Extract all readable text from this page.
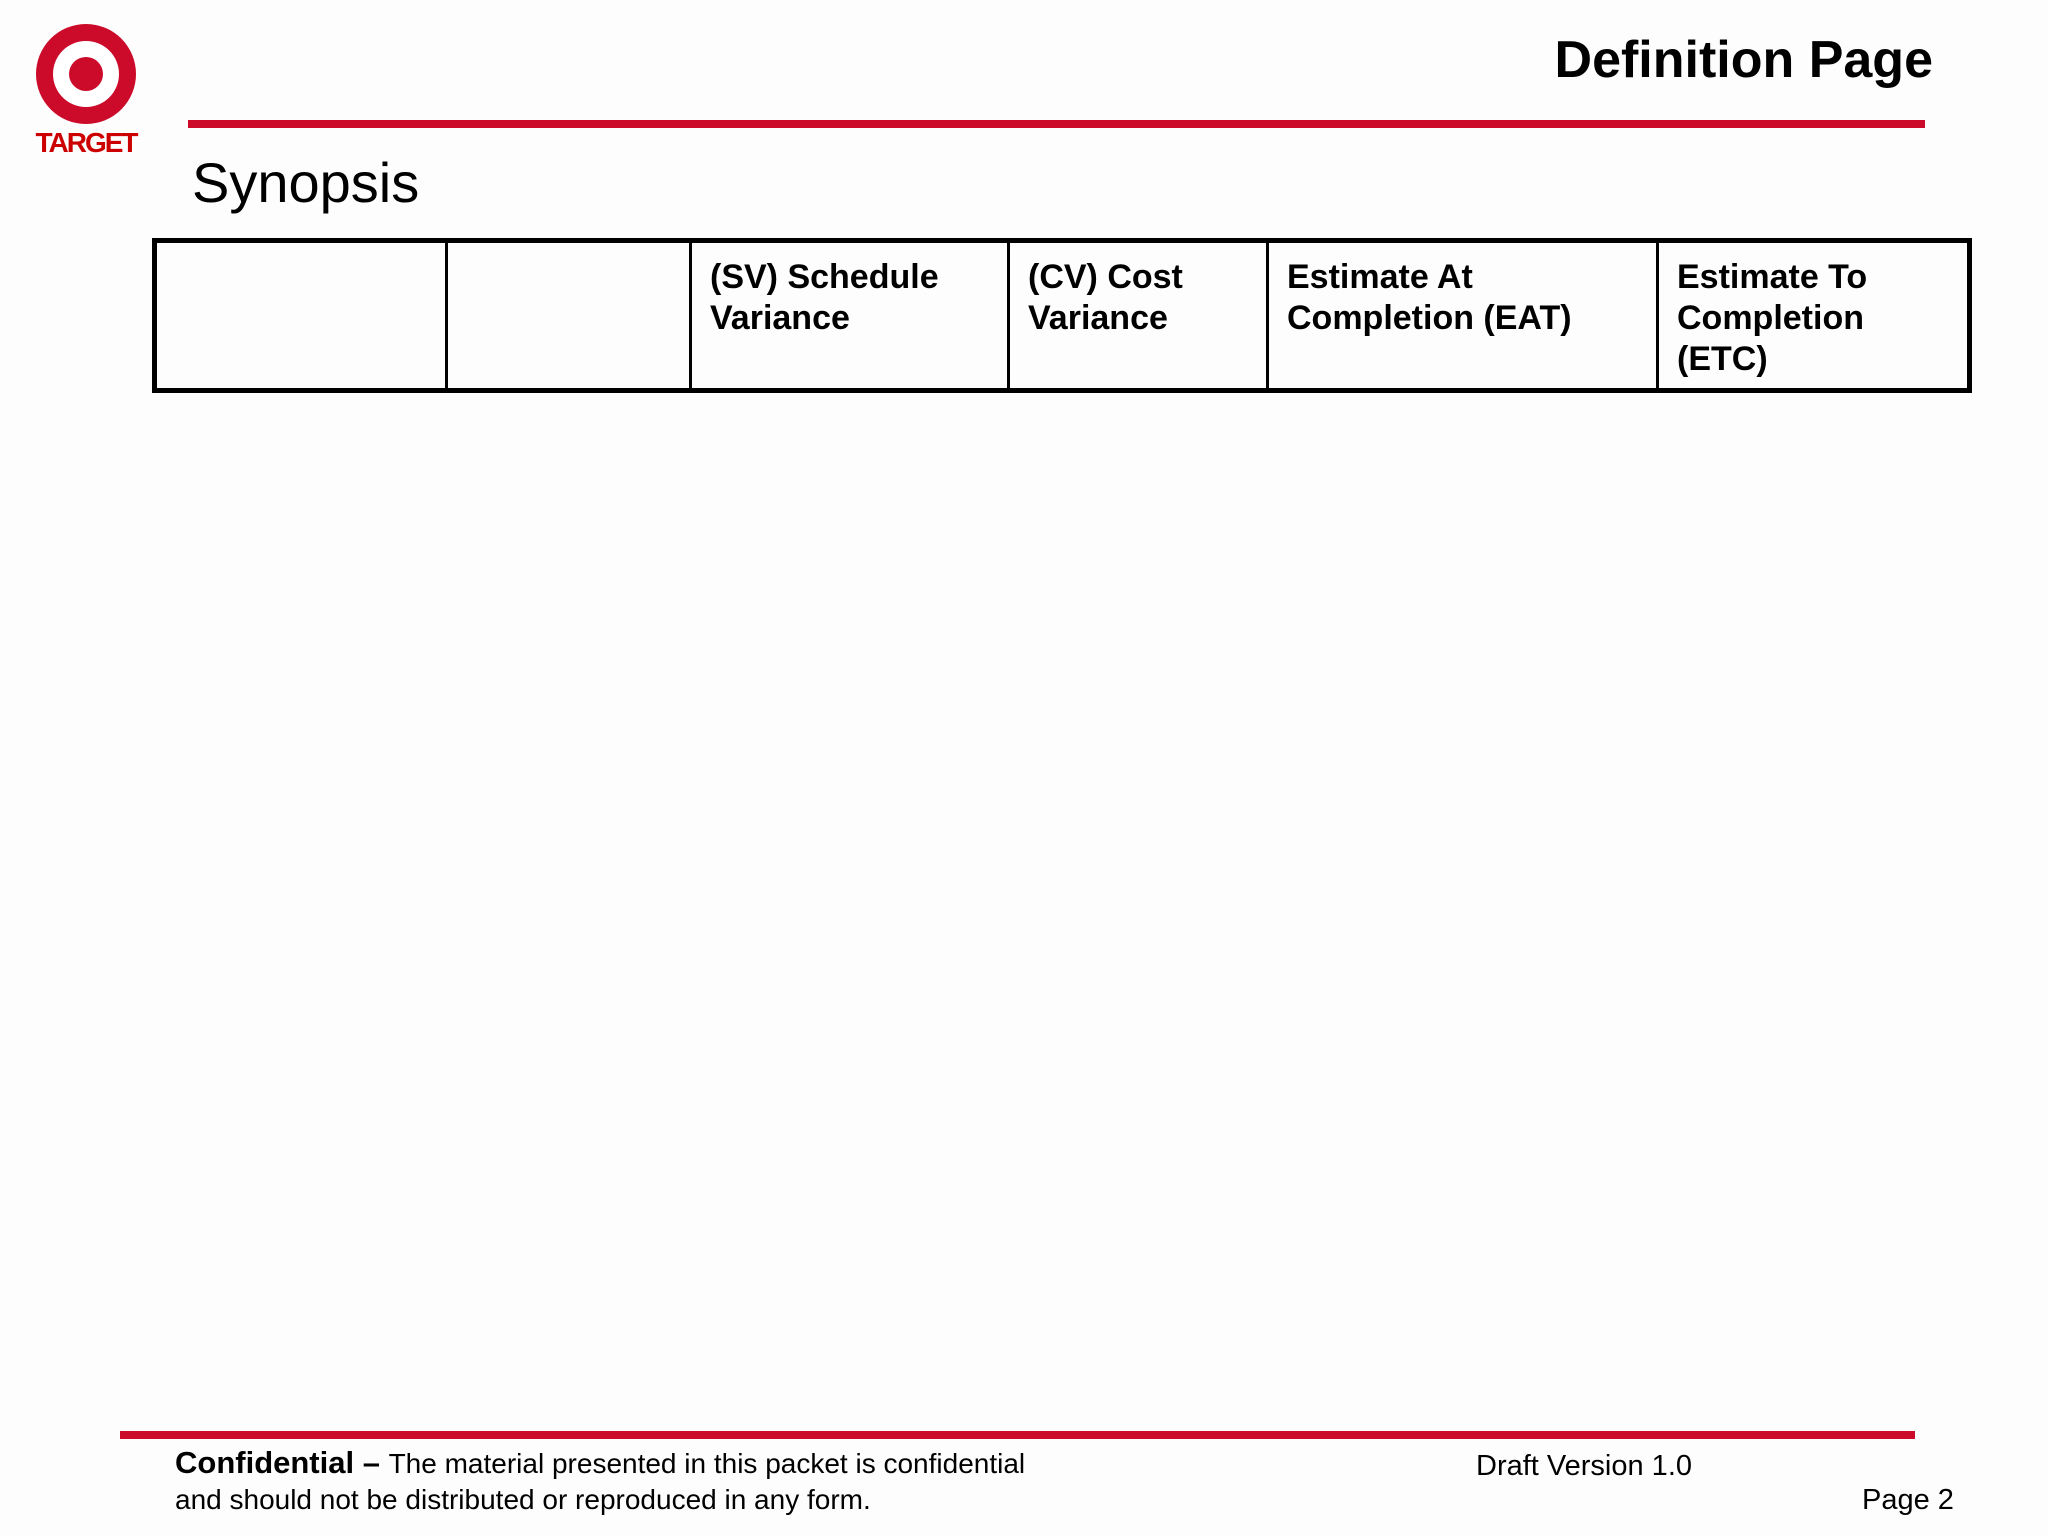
TARGET
Definition Page
Synopsis
		(SV) Schedule Variance	(CV) Cost Variance	Estimate At Completion (EAT)	Estimate To Completion (ETC)
Confidential – The material presented in this packet is confidential and should not be distributed or reproduced in any form.
Draft Version 1.0
Page 2
